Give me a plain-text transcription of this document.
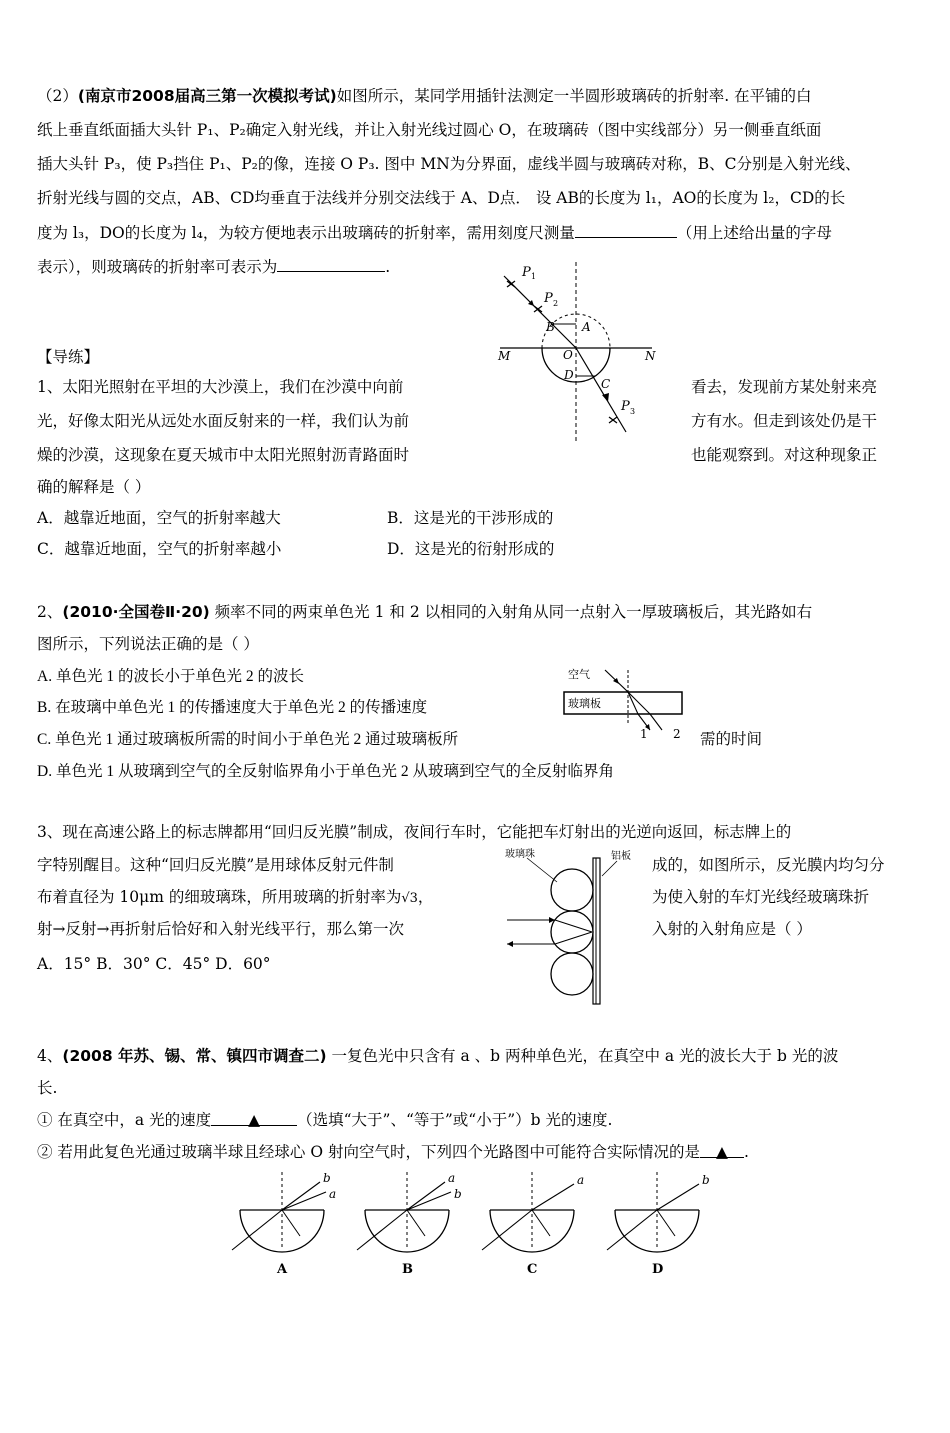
（2）(南京市2008届高三第一次模拟考试)如图所示，某同学用插针法测定一半圆形玻璃砖的折射率. 在平铺的白
纸上垂直纸面插大头针 P₁、P₂确定入射光线，并让入射光线过圆心 O，在玻璃砖（图中实线部分）另一侧垂直纸面
插大头针 P₃，使 P₃挡住 P₁、P₂的像，连接 O P₃. 图中 MN为分界面，虚线半圆与玻璃砖对称，B、C分别是入射光线、
折射光线与圆的交点，AB、CD均垂直于法线并分别交法线于 A、D点． 设 AB的长度为 l₁，AO的长度为 l₂，CD的长
度为 l₃，DO的长度为 l₄，为较方便地表示出玻璃砖的折射率，需用刻度尺测量	（用上述给出量的字母
表示），则玻璃砖的折射率可表示为	.	P 1
P 2
P 3
B A
M	N
O
D
C
【导练】
1、太阳光照射在平坦的大沙漠上，我们在沙漠中向前	看去，发现前方某处射来亮
光，好像太阳光从远处水面反射来的一样，我们认为前	方有水。但走到该处仍是干
燥的沙漠，这现象在夏天城市中太阳光照射沥青路面时	也能观察到。对这种现象正
确的解释是（ ）
A．越靠近地面，空气的折射率越大	B．这是光的干涉形成的
C．越靠近地面，空气的折射率越小	D．这是光的衍射形成的
2、(2010·全国卷Ⅱ·20) 频率不同的两束单色光 1 和 2 以相同的入射角从同一点射入一厚玻璃板后，其光路如右
图所示，下列说法正确的是（ ）
A. 单色光 1 的波长小于单色光 2 的波长
B. 在玻璃中单色光 1 的传播速度大于单色光 2 的传播速度
C. 单色光 1 通过玻璃板所需的时间小于单色光 2 通过玻璃板所	需的时间
D. 单色光 1 从玻璃到空气的全反射临界角小于单色光 2 从玻璃到空气的全反射临界角
空气
玻璃板
1 2
3、现在高速公路上的标志牌都用“回归反光膜”制成，夜间行车时，它能把车灯射出的光逆向返回，标志牌上的
字特别醒目。这种“回归反光膜”是用球体反射元件制	成的，如图所示，反光膜内均匀分
布着直径为 10μm 的细玻璃珠，所用玻璃的折射率为√3，	为使入射的车灯光线经玻璃珠折
射→反射→再折射后恰好和入射光线平行，那么第一次	入射的入射角应是（ ）
A．15° B．30° C．45° D．60°
玻璃珠	铝板
4、(2008 年苏、锡、常、镇四市调查二) 一复色光中只含有 a 、b 两种单色光，在真空中 a 光的波长大于 b 光的波
长.
① 在真空中，a 光的速度 ▲ （选填“大于”、“等于”或“小于”）b 光的速度.
② 若用此复色光通过玻璃半球且经球心 O 射向空气时，下列四个光路图中可能符合实际情况的是 ▲ .
b
a
A
a
b
B
a
C
b
D
